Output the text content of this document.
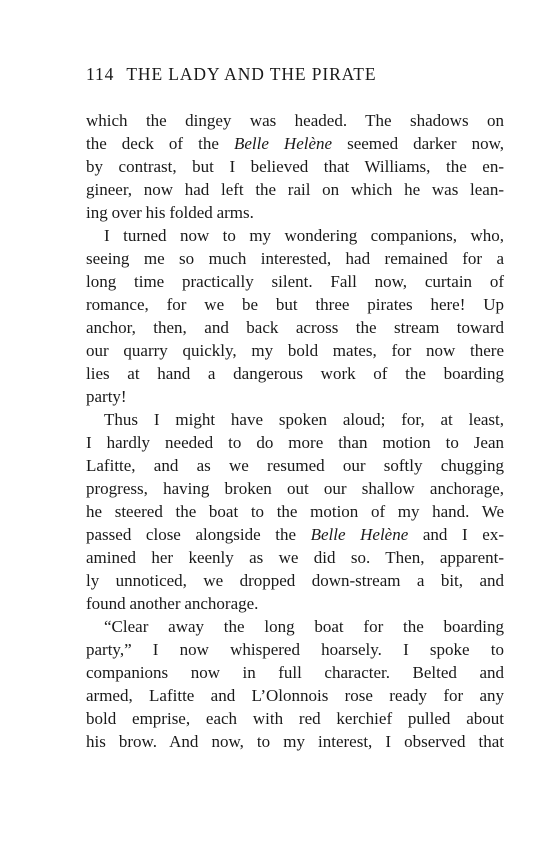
114 THE LADY AND THE PIRATE
which the dingey was headed. The shadows on
the deck of the Belle Helène seemed darker now,
by contrast, but I believed that Williams, the en-
gineer, now had left the rail on which he was lean-
ing over his folded arms.
I turned now to my wondering companions, who,
seeing me so much interested, had remained for a
long time practically silent. Fall now, curtain of
romance, for we be but three pirates here! Up
anchor, then, and back across the stream toward
our quarry quickly, my bold mates, for now there
lies at hand a dangerous work of the boarding
party!
Thus I might have spoken aloud; for, at least,
I hardly needed to do more than motion to Jean
Lafitte, and as we resumed our softly chugging
progress, having broken out our shallow anchorage,
he steered the boat to the motion of my hand. We
passed close alongside the Belle Helène and I ex-
amined her keenly as we did so. Then, apparent-
ly unnoticed, we dropped down-stream a bit, and
found another anchorage.
“Clear away the long boat for the boarding
party,” I now whispered hoarsely. I spoke to
companions now in full character. Belted and
armed, Lafitte and L’Olonnois rose ready for any
bold emprise, each with red kerchief pulled about
his brow. And now, to my interest, I observed that
